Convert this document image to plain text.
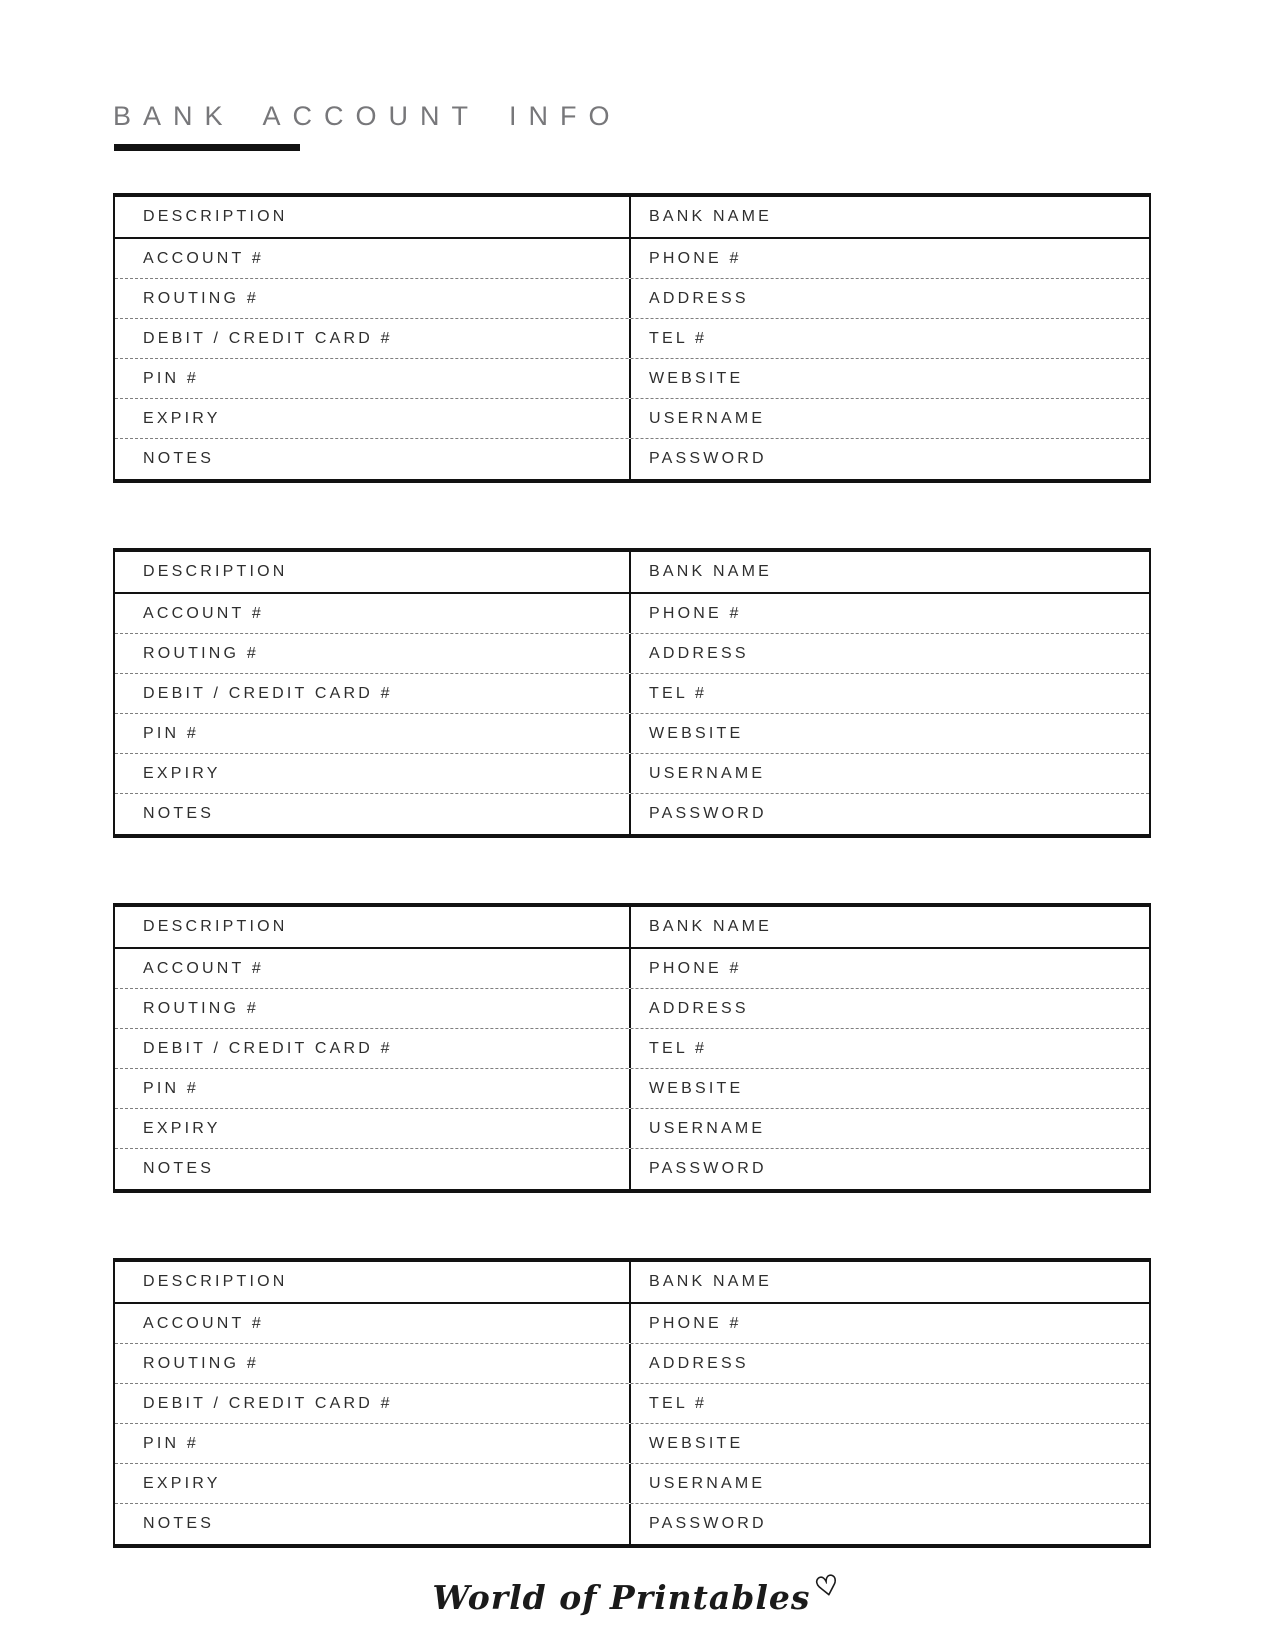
BANK ACCOUNT INFO
DESCRIPTION	BANK NAME
ACCOUNT #	PHONE #
ROUTING #	ADDRESS
DEBIT / CREDIT CARD #	TEL #
PIN #	WEBSITE
EXPIRY	USERNAME
NOTES	PASSWORD
DESCRIPTION	BANK NAME
ACCOUNT #	PHONE #
ROUTING #	ADDRESS
DEBIT / CREDIT CARD #	TEL #
PIN #	WEBSITE
EXPIRY	USERNAME
NOTES	PASSWORD
DESCRIPTION	BANK NAME
ACCOUNT #	PHONE #
ROUTING #	ADDRESS
DEBIT / CREDIT CARD #	TEL #
PIN #	WEBSITE
EXPIRY	USERNAME
NOTES	PASSWORD
DESCRIPTION	BANK NAME
ACCOUNT #	PHONE #
ROUTING #	ADDRESS
DEBIT / CREDIT CARD #	TEL #
PIN #	WEBSITE
EXPIRY	USERNAME
NOTES	PASSWORD
World of Printables♡
